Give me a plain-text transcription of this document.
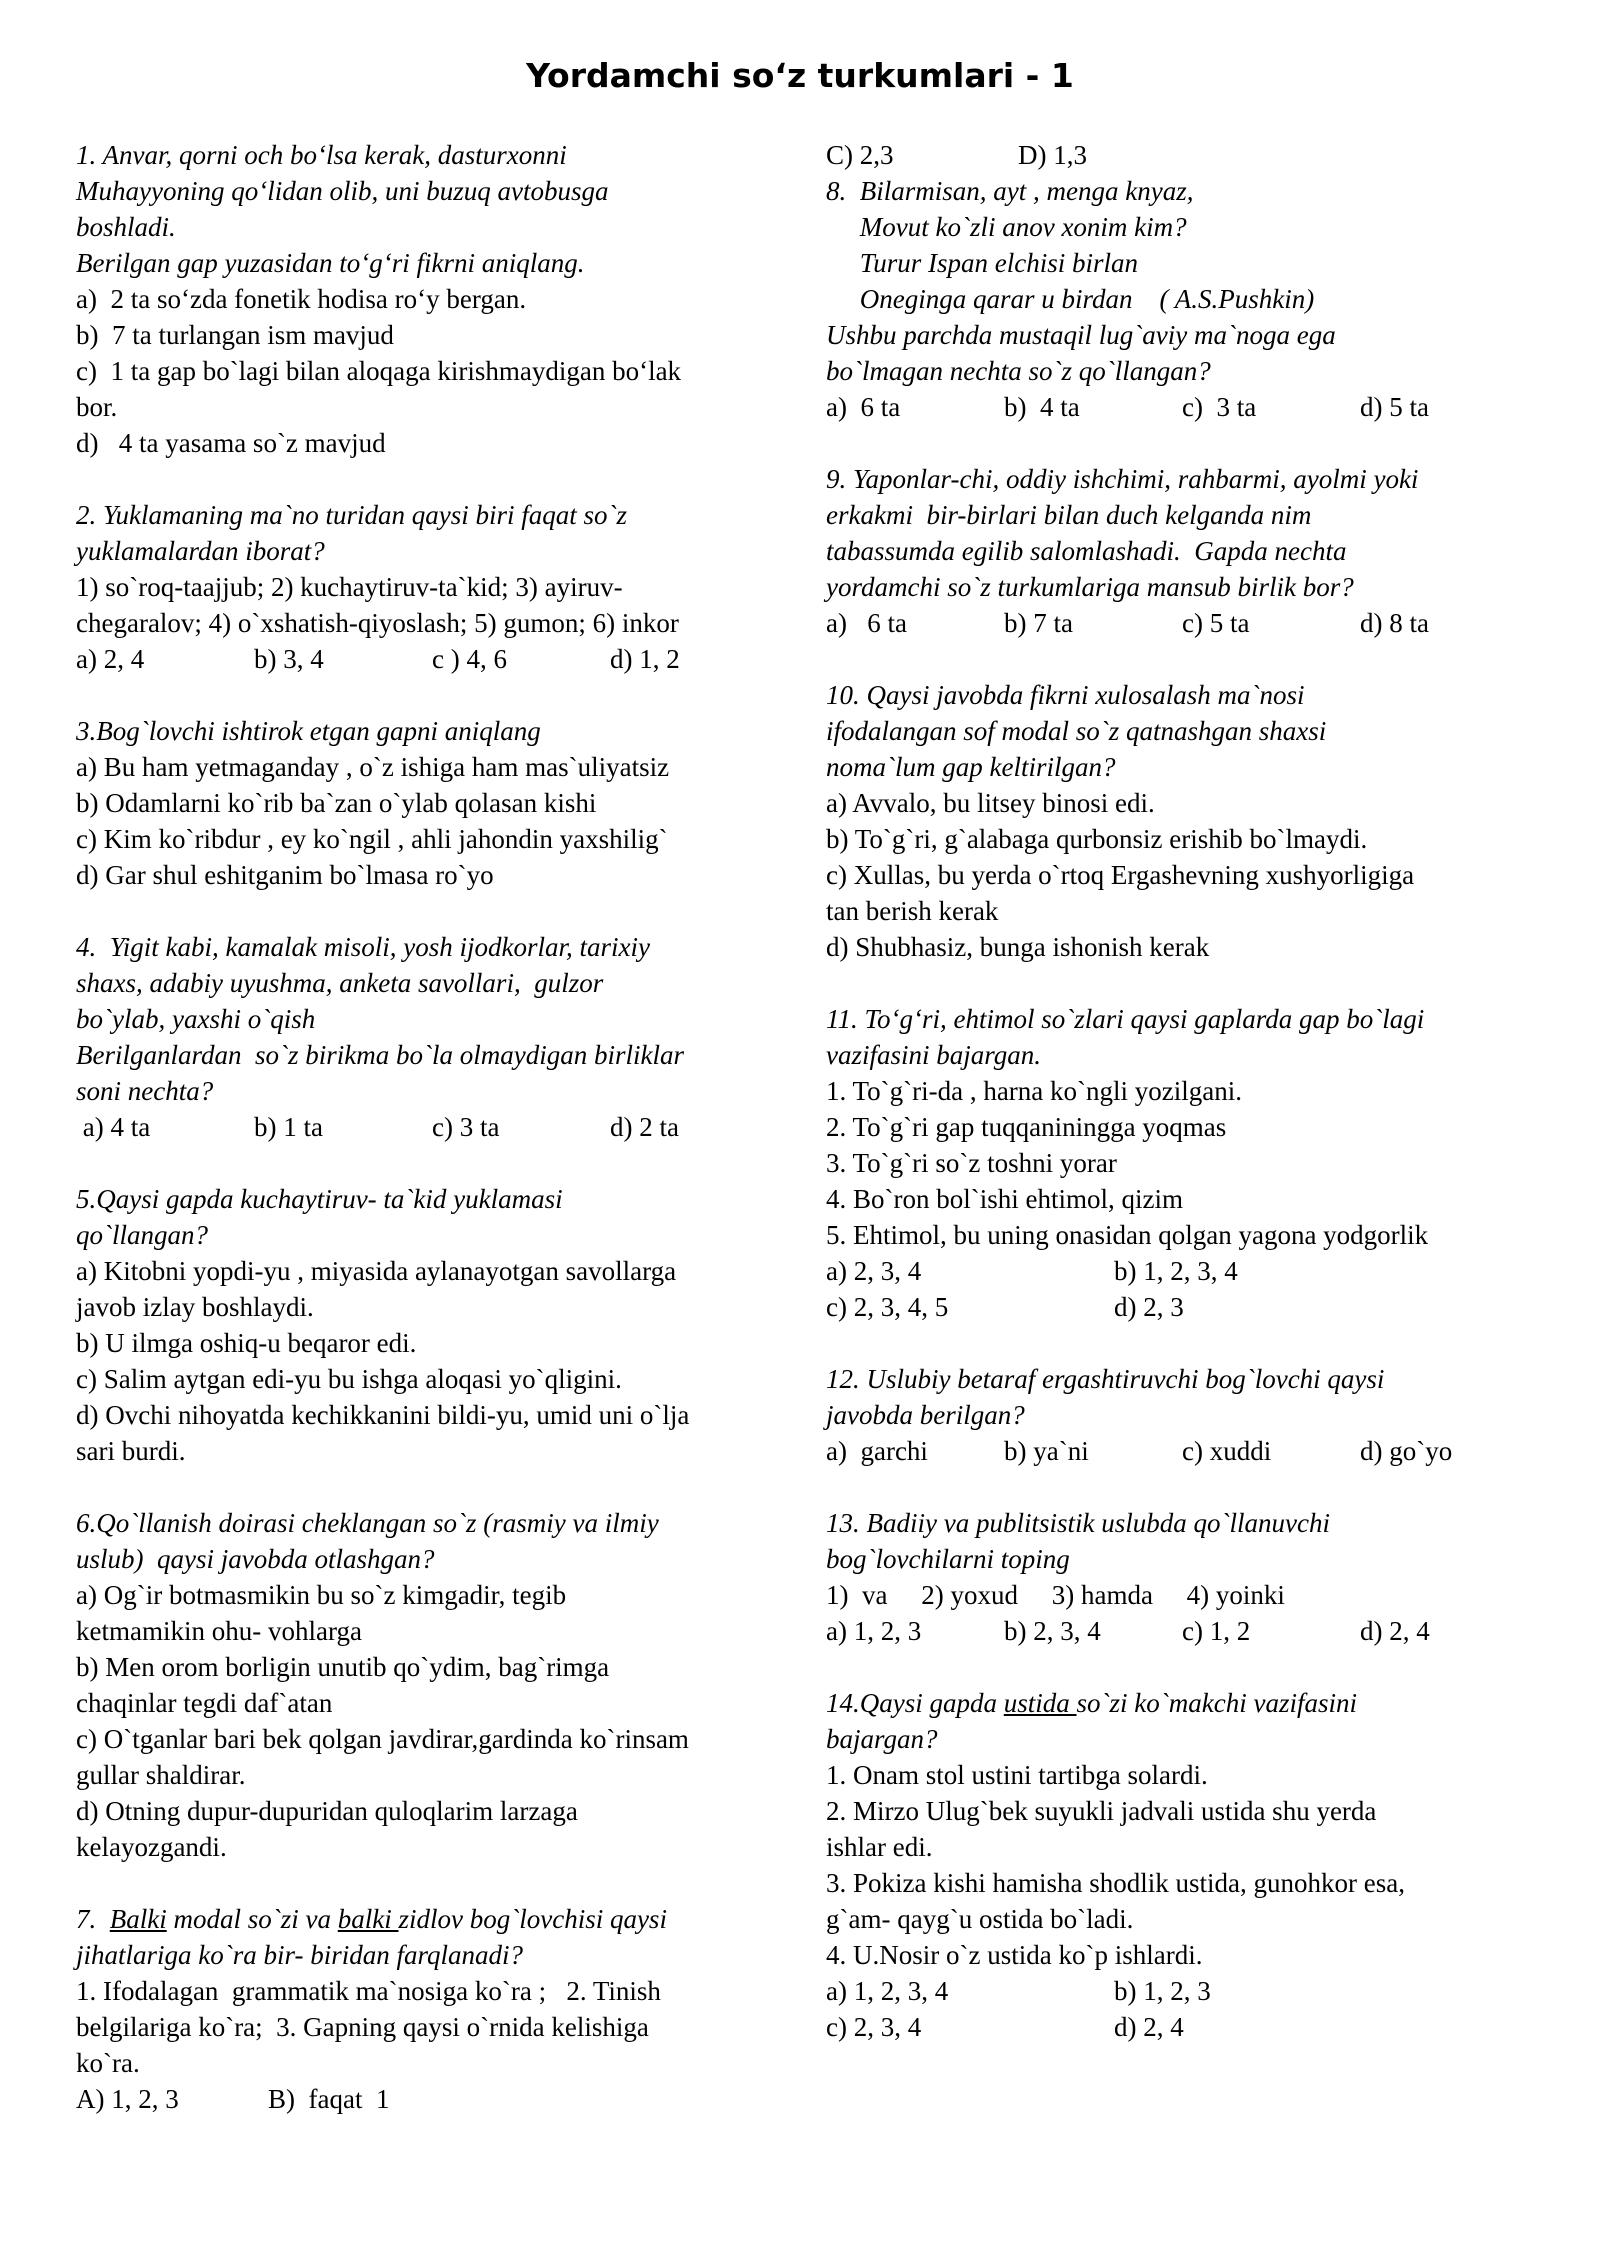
Yordamchi so‘z turkumlari - 1
1. Anvar, qorni och bo‘lsa kerak, dasturxonni
Muhayyoning qo‘lidan olib, uni buzuq avtobusga
boshladi.
Berilgan gap yuzasidan to‘g‘ri fikrni aniqlang.
a)  2 ta so‘zda fonetik hodisa ro‘y bergan.
b)  7 ta turlangan ism mavjud
c)  1 ta gap bo`lagi bilan aloqaga kirishmaydigan bo‘lak
bor.
d)   4 ta yasama so`z mavjud
2. Yuklamaning ma`no turidan qaysi biri faqat so`z
yuklamalardan iborat?
1) so`roq-taajjub; 2) kuchaytiruv-ta`kid; 3) ayiruv-
chegaralov; 4) o`xshatish-qiyoslash; 5) gumon; 6) inkor
a) 2, 4	b) 3, 4	c ) 4, 6	d) 1, 2
3.Bog`lovchi ishtirok etgan gapni aniqlang
a) Bu ham yetmaganday , o`z ishiga ham mas`uliyatsiz
b) Odamlarni ko`rib ba`zan o`ylab qolasan kishi
c) Kim ko`ribdur , ey ko`ngil , ahli jahondin yaxshilig`
d) Gar shul eshitganim bo`lmasa ro`yo
4.  Yigit kabi, kamalak misoli, yosh ijodkorlar, tarixiy
shaxs, adabiy uyushma, anketa savollari,  gulzor
bo`ylab, yaxshi o`qish
Berilganlardan  so`z birikma bo`la olmaydigan birliklar
soni nechta?
a) 4 ta	b) 1 ta	c) 3 ta	d) 2 ta
5.Qaysi gapda kuchaytiruv- ta`kid yuklamasi
qo`llangan?
a) Kitobni yopdi-yu , miyasida aylanayotgan savollarga
javob izlay boshlaydi.
b) U ilmga oshiq-u beqaror edi.
c) Salim aytgan edi-yu bu ishga aloqasi yo`qligini.
d) Ovchi nihoyatda kechikkanini bildi-yu, umid uni o`lja
sari burdi.
6.Qo`llanish doirasi cheklangan so`z (rasmiy va ilmiy
uslub)  qaysi javobda otlashgan?
a) Og`ir botmasmikin bu so`z kimgadir, tegib
ketmamikin ohu- vohlarga
b) Men orom borligin unutib qo`ydim, bag`rimga
chaqinlar tegdi daf`atan
c) O`tganlar bari bek qolgan javdirar,gardinda ko`rinsam
gullar shaldirar.
d) Otning dupur-dupuridan quloqlarim larzaga
kelayozgandi.
7.  Balki modal so`zi va balki zidlov bog`lovchisi qaysi
jihatlariga ko`ra bir- biridan farqlanadi?
1. Ifodalagan  grammatik ma`nosiga ko`ra ;   2. Tinish
belgilariga ko`ra;  3. Gapning qaysi o`rnida kelishiga
ko`ra.
A) 1, 2, 3	B)  faqat  1
C) 2,3	D) 1,3
8.  Bilarmisan, ayt , menga knyaz,
Movut ko`zli anov xonim kim?
Turur Ispan elchisi birlan
Oneginga qarar u birdan    ( A.S.Pushkin)
Ushbu parchda mustaqil lug`aviy ma`noga ega
bo`lmagan nechta so`z qo`llangan?
a)  6 ta	b)  4 ta	c)  3 ta	d) 5 ta
9. Yaponlar-chi, oddiy ishchimi, rahbarmi, ayolmi yoki
erkakmi  bir-birlari bilan duch kelganda nim
tabassumda egilib salomlashadi.  Gapda nechta
yordamchi so`z turkumlariga mansub birlik bor?
a)   6 ta	b) 7 ta	c) 5 ta	d) 8 ta
10. Qaysi javobda fikrni xulosalash ma`nosi
ifodalangan sof modal so`z qatnashgan shaxsi
noma`lum gap keltirilgan?
a) Avvalo, bu litsey binosi edi.
b) To`g`ri, g`alabaga qurbonsiz erishib bo`lmaydi.
c) Xullas, bu yerda o`rtoq Ergashevning xushyorligiga
tan berish kerak
d) Shubhasiz, bunga ishonish kerak
11. To‘g‘ri, ehtimol so`zlari qaysi gaplarda gap bo`lagi
vazifasini bajargan.
1. To`g`ri-da , harna ko`ngli yozilgani.
2. To`g`ri gap tuqqaniningga yoqmas
3. To`g`ri so`z toshni yorar
4. Bo`ron bol`ishi ehtimol, qizim
5. Ehtimol, bu uning onasidan qolgan yagona yodgorlik
a) 2, 3, 4	b) 1, 2, 3, 4
c) 2, 3, 4, 5	d) 2, 3
12. Uslubiy betaraf ergashtiruvchi bog`lovchi qaysi
javobda berilgan?
a)  garchi	b) ya`ni	c) xuddi	d) go`yo
13. Badiiy va publitsistik uslubda qo`llanuvchi
bog`lovchilarni toping
1)  va     2) yoxud     3) hamda     4) yoinki
a) 1, 2, 3	b) 2, 3, 4	c) 1, 2	d) 2, 4
14.Qaysi gapda ustida so`zi ko`makchi vazifasini
bajargan?
1. Onam stol ustini tartibga solardi.
2. Mirzo Ulug`bek suyukli jadvali ustida shu yerda
ishlar edi.
3. Pokiza kishi hamisha shodlik ustida, gunohkor esa,
g`am- qayg`u ostida bo`ladi.
4. U.Nosir o`z ustida ko`p ishlardi.
a) 1, 2, 3, 4	b) 1, 2, 3
c) 2, 3, 4	d) 2, 4
